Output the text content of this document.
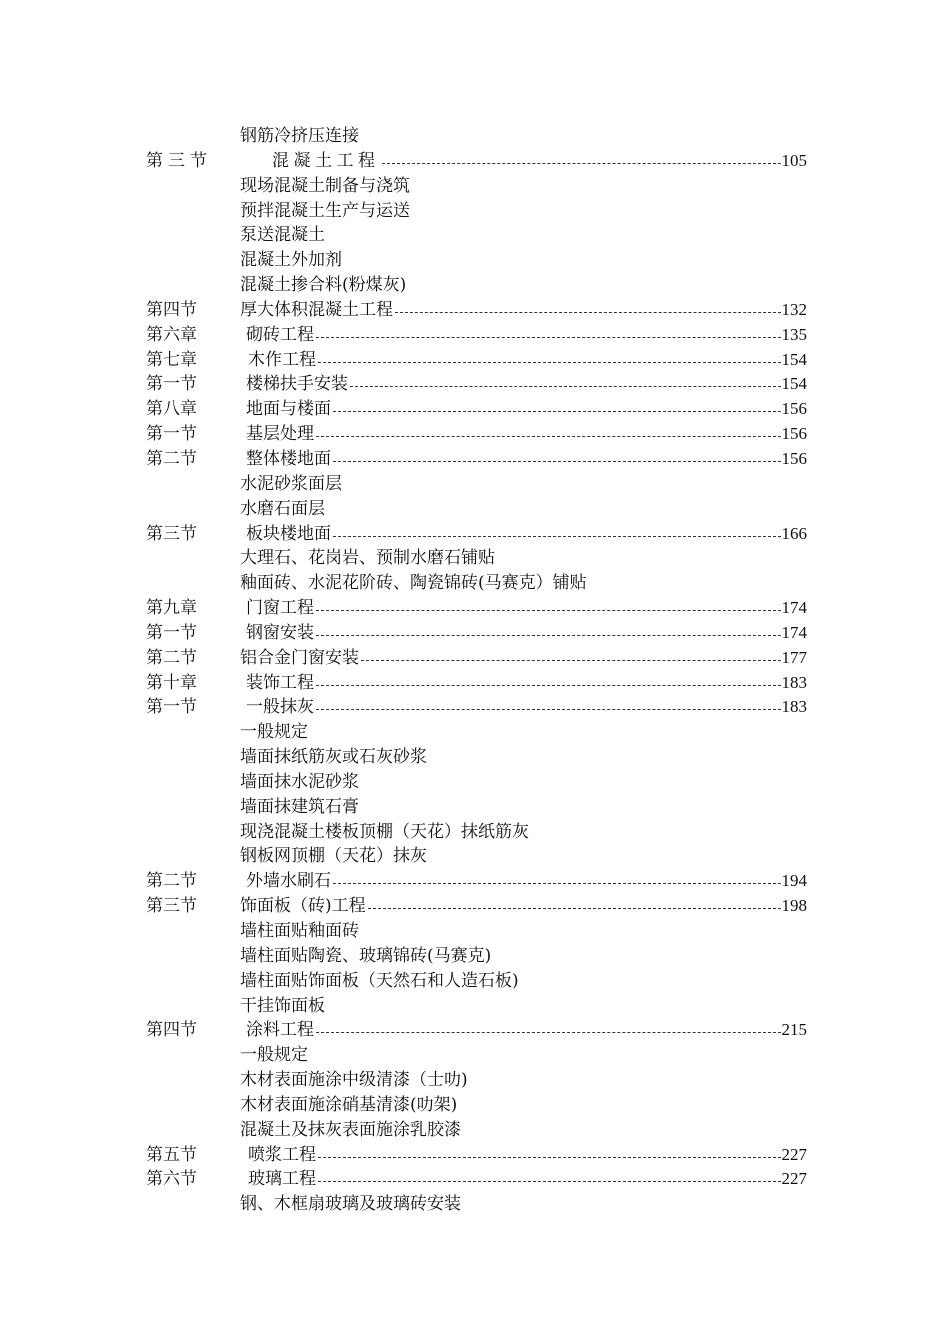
钢筋冷挤压连接
第三节	混凝土工程	105
现场混凝土制备与浇筑
预拌混凝土生产与运送
泵送混凝土
混凝土外加剂
混凝土掺合料(粉煤灰)
第四节	厚大体积混凝土工程	132
第六章	砌砖工程	135
第七章	木作工程	154
第一节	楼梯扶手安装	154
第八章	地面与楼面	156
第一节	基层处理	156
第二节	整体楼地面	156
水泥砂浆面层
水磨石面层
第三节	板块楼地面	166
大理石、花岗岩、预制水磨石铺贴
釉面砖、水泥花阶砖、陶瓷锦砖(马赛克）铺贴
第九章	门窗工程	174
第一节	钢窗安装	174
第二节	铝合金门窗安装	177
第十章	装饰工程	183
第一节	一般抹灰	183
一般规定
墙面抹纸筋灰或石灰砂浆
墙面抹水泥砂浆
墙面抹建筑石膏
现浇混凝土楼板顶棚（天花）抹纸筋灰
钢板网顶棚（天花）抹灰
第二节	外墙水刷石	194
第三节	饰面板（砖)工程	198
墙柱面贴釉面砖
墙柱面贴陶瓷、玻璃锦砖(马赛克)
墙柱面贴饰面板（天然石和人造石板)
干挂饰面板
第四节	涂料工程	215
一般规定
木材表面施涂中级清漆（士叻)
木材表面施涂硝基清漆(叻架)
混凝土及抹灰表面施涂乳胶漆
第五节	喷浆工程	227
第六节	玻璃工程	227
钢、木框扇玻璃及玻璃砖安装
